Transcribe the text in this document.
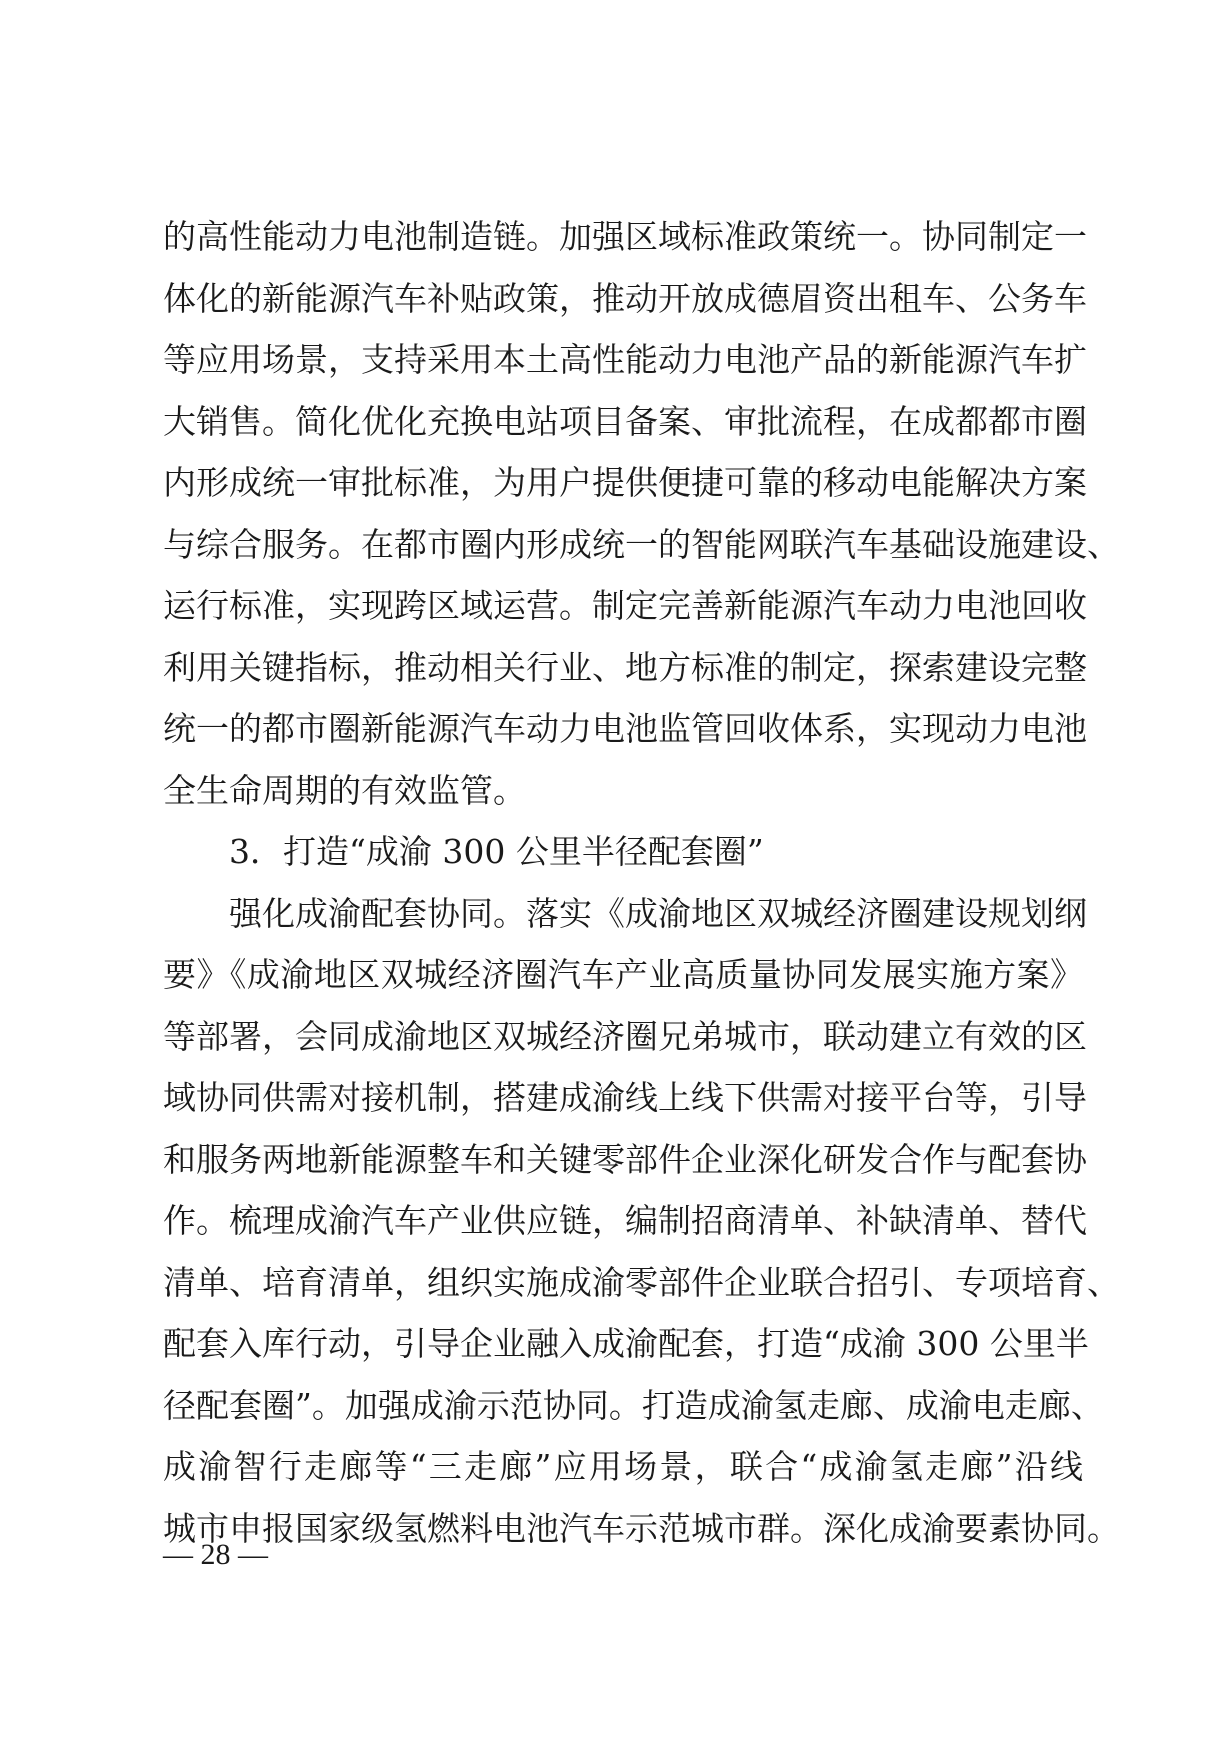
的高性能动力电池制造链。加强区域标准政策统一。协同制定一
体化的新能源汽车补贴政策，推动开放成德眉资出租车、公务车
等应用场景，支持采用本土高性能动力电池产品的新能源汽车扩
大销售。简化优化充换电站项目备案、审批流程，在成都都市圈
内形成统一审批标准，为用户提供便捷可靠的移动电能解决方案
与综合服务。在都市圈内形成统一的智能网联汽车基础设施建设、
运行标准，实现跨区域运营。制定完善新能源汽车动力电池回收
利用关键指标，推动相关行业、地方标准的制定，探索建设完整
统一的都市圈新能源汽车动力电池监管回收体系，实现动力电池
全生命周期的有效监管。
3．打造“成渝 300 公里半径配套圈”
强化成渝配套协同。落实《成渝地区双城经济圈建设规划纲
要》《成渝地区双城经济圈汽车产业高质量协同发展实施方案》
等部署，会同成渝地区双城经济圈兄弟城市，联动建立有效的区
域协同供需对接机制，搭建成渝线上线下供需对接平台等，引导
和服务两地新能源整车和关键零部件企业深化研发合作与配套协
作。梳理成渝汽车产业供应链，编制招商清单、补缺清单、替代
清单、培育清单，组织实施成渝零部件企业联合招引、专项培育、
配套入库行动，引导企业融入成渝配套，打造“成渝 300 公里半
径配套圈”。加强成渝示范协同。打造成渝氢走廊、成渝电走廊、
成渝智行走廊等“三走廊”应用场景，联合“成渝氢走廊”沿线
城市申报国家级氢燃料电池汽车示范城市群。深化成渝要素协同。
— 28 —
